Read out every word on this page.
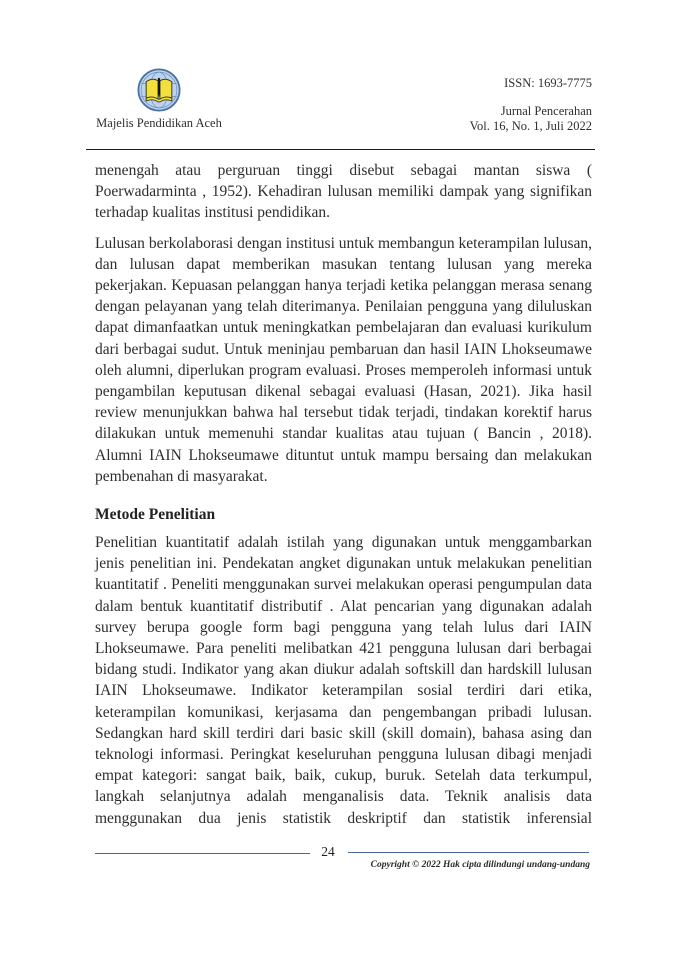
Majelis Pendidikan Aceh
ISSN: 1693-7775
Jurnal Pencerahan
Vol. 16, No. 1, Juli 2022

menengah atau perguruan tinggi disebut sebagai mantan siswa ( Poerwadarminta , 1952). Kehadiran lulusan memiliki dampak yang signifikan terhadap kualitas institusi pendidikan.

Lulusan berkolaborasi dengan institusi untuk membangun keterampilan lulusan, dan lulusan dapat memberikan masukan tentang lulusan yang mereka pekerjakan. Kepuasan pelanggan hanya terjadi ketika pelanggan merasa senang dengan pelayanan yang telah diterimanya. Penilaian pengguna yang diluluskan dapat dimanfaatkan untuk meningkatkan pembelajaran dan evaluasi kurikulum dari berbagai sudut. Untuk meninjau pembaruan dan hasil IAIN Lhokseumawe oleh alumni, diperlukan program evaluasi. Proses memperoleh informasi untuk pengambilan keputusan dikenal sebagai evaluasi (Hasan, 2021). Jika hasil review menunjukkan bahwa hal tersebut tidak terjadi, tindakan korektif harus dilakukan untuk memenuhi standar kualitas atau tujuan ( Bancin , 2018). Alumni IAIN Lhokseumawe dituntut untuk mampu bersaing dan melakukan pembenahan di masyarakat.

Metode Penelitian

Penelitian kuantitatif adalah istilah yang digunakan untuk menggambarkan jenis penelitian ini. Pendekatan angket digunakan untuk melakukan penelitian kuantitatif . Peneliti menggunakan survei melakukan operasi pengumpulan data dalam bentuk kuantitatif distributif . Alat pencarian yang digunakan adalah survey berupa google form bagi pengguna yang telah lulus dari IAIN Lhokseumawe. Para peneliti melibatkan 421 pengguna lulusan dari berbagai bidang studi. Indikator yang akan diukur adalah softskill dan hardskill lulusan IAIN Lhokseumawe. Indikator keterampilan sosial terdiri dari etika, keterampilan komunikasi, kerjasama dan pengembangan pribadi lulusan. Sedangkan hard skill terdiri dari basic skill (skill domain), bahasa asing dan teknologi informasi. Peringkat keseluruhan pengguna lulusan dibagi menjadi empat kategori: sangat baik, baik, cukup, buruk. Setelah data terkumpul, langkah selanjutnya adalah menganalisis data. Teknik analisis data menggunakan dua jenis statistik deskriptif dan statistik inferensial

24
Copyright © 2022 Hak cipta dilindungi undang-undang
